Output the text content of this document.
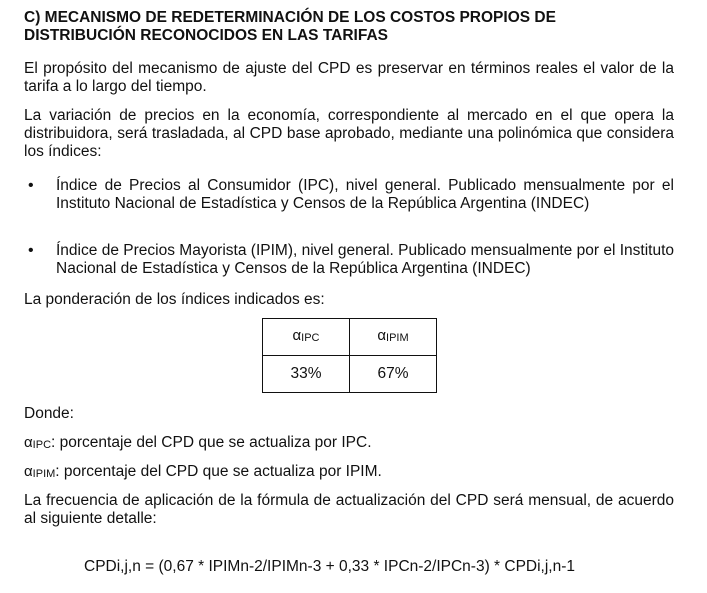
C) MECANISMO DE REDETERMINACIÓN DE LOS COSTOS PROPIOS DE
DISTRIBUCIÓN RECONOCIDOS EN LAS TARIFAS
El propósito del mecanismo de ajuste del CPD es preservar en términos reales el valor de la tarifa a lo largo del tiempo.
La variación de precios en la economía, correspondiente al mercado en el que opera la distribuidora, será trasladada, al CPD base aprobado, mediante una polinómica que considera los índices:
• Índice de Precios al Consumidor (IPC), nivel general. Publicado mensualmente por el Instituto Nacional de Estadística y Censos de la República Argentina (INDEC)
• Índice de Precios Mayorista (IPIM), nivel general. Publicado mensualmente por el Instituto Nacional de Estadística y Censos de la República Argentina (INDEC)
La ponderación de los índices indicados es:
αIPC	αIPIM
33%	67%
Donde:
αIPC: porcentaje del CPD que se actualiza por IPC.
αIPIM: porcentaje del CPD que se actualiza por IPIM.
La frecuencia de aplicación de la fórmula de actualización del CPD será mensual, de acuerdo al siguiente detalle:
CPDi,j,n = (0,67 * IPIMn-2/IPIMn-3 + 0,33 * IPCn-2/IPCn-3) * CPDi,j,n-1
